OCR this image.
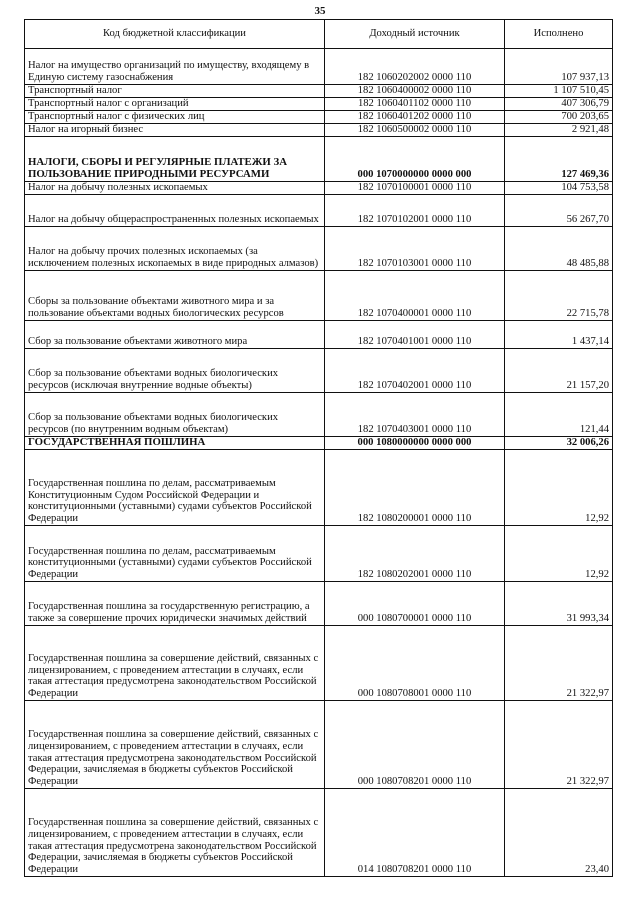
35
Код бюджетной классификации	Доходный источник	Исполнено
Налог на имущество организаций по имуществу, входящему в Единую систему газоснабжения	182 1060202002 0000 110	107 937,13
Транспортный налог	182 1060400002 0000 110	1 107 510,45
Транспортный налог с организаций	182 1060401102 0000 110	407 306,79
Транспортный налог с физических лиц	182 1060401202 0000 110	700 203,65
Налог на игорный бизнес	182 1060500002 0000 110	2 921,48
НАЛОГИ, СБОРЫ И РЕГУЛЯРНЫЕ ПЛАТЕЖИ ЗА ПОЛЬЗОВАНИЕ ПРИРОДНЫМИ РЕСУРСАМИ	000 1070000000 0000 000	127 469,36
Налог на добычу полезных ископаемых	182 1070100001 0000 110	104 753,58
Налог на добычу общераспространенных полезных ископаемых	182 1070102001 0000 110	56 267,70
Налог на добычу прочих полезных ископаемых (за исключением полезных ископаемых в виде природных алмазов)	182 1070103001 0000 110	48 485,88
Сборы за пользование объектами животного мира и за пользование объектами водных биологических ресурсов	182 1070400001 0000 110	22 715,78
Сбор за пользование объектами животного мира	182 1070401001 0000 110	1 437,14
Сбор за пользование объектами водных биологических ресурсов (исключая внутренние водные объекты)	182 1070402001 0000 110	21 157,20
Сбор за пользование объектами водных биологических ресурсов (по внутренним водным объектам)	182 1070403001 0000 110	121,44
ГОСУДАРСТВЕННАЯ ПОШЛИНА	000 1080000000 0000 000	32 006,26
Государственная пошлина по делам, рассматриваемым Конституционным Судом Российской Федерации и конституционными (уставными) судами субъектов Российской Федерации	182 1080200001 0000 110	12,92
Государственная пошлина по делам, рассматриваемым конституционными (уставными) судами субъектов Российской Федерации	182 1080202001 0000 110	12,92
Государственная пошлина за государственную регистрацию, а также за совершение прочих юридически значимых действий	000 1080700001 0000 110	31 993,34
Государственная пошлина за совершение действий, связанных с лицензированием, с проведением аттестации в случаях, если такая аттестация предусмотрена законодательством Российской Федерации	000 1080708001 0000 110	21 322,97
Государственная пошлина за совершение действий, связанных с лицензированием, с проведением аттестации в случаях, если такая аттестация предусмотрена законодательством Российской Федерации, зачисляемая в бюджеты субъектов Российской Федерации	000 1080708201 0000 110	21 322,97
Государственная пошлина за совершение действий, связанных с лицензированием, с проведением аттестации в случаях, если такая аттестация предусмотрена законодательством Российской Федерации, зачисляемая в бюджеты субъектов Российской Федерации	014 1080708201 0000 110	23,40
